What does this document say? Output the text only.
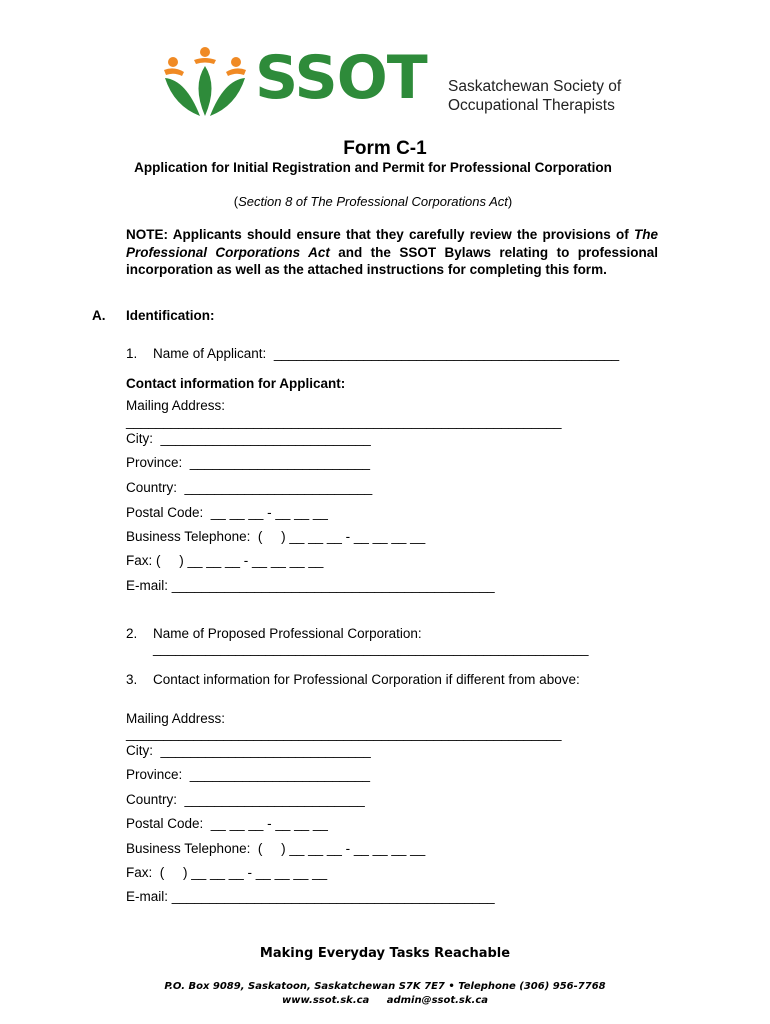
SSOT Saskatchewan Society of
Occupational Therapists
Form C-1
Application for Initial Registration and Permit for Professional Corporation
(Section 8 of The Professional Corporations Act)
NOTE: Applicants should ensure that they carefully review the provisions of The Professional Corporations Act and the SSOT Bylaws relating to professional incorporation as well as the attached instructions for completing this form.
A. Identification:
1. Name of Applicant:  ______________________________________________
Contact information for Applicant:
Mailing Address:
__________________________________________________________
City:  ____________________________
Province:  ________________________
Country:  _________________________
Postal Code:  __ __ __ - __ __ __
Business Telephone:  (     ) __ __ __ - __ __ __ __
Fax: (     ) __ __ __ - __ __ __ __
E-mail: ___________________________________________
2. Name of Proposed Professional Corporation:
__________________________________________________________
3. Contact information for Professional Corporation if different from above:
Mailing Address:
__________________________________________________________
City:  ____________________________
Province:  ________________________
Country:  ________________________
Postal Code:  __ __ __ - __ __ __
Business Telephone:  (     ) __ __ __ - __ __ __ __
Fax:  (     ) __ __ __ - __ __ __ __
E-mail: ___________________________________________
Making Everyday Tasks Reachable
P.O. Box 9089, Saskatoon, Saskatchewan S7K 7E7 • Telephone (306) 956-7768
www.ssot.sk.ca     admin@ssot.sk.ca
